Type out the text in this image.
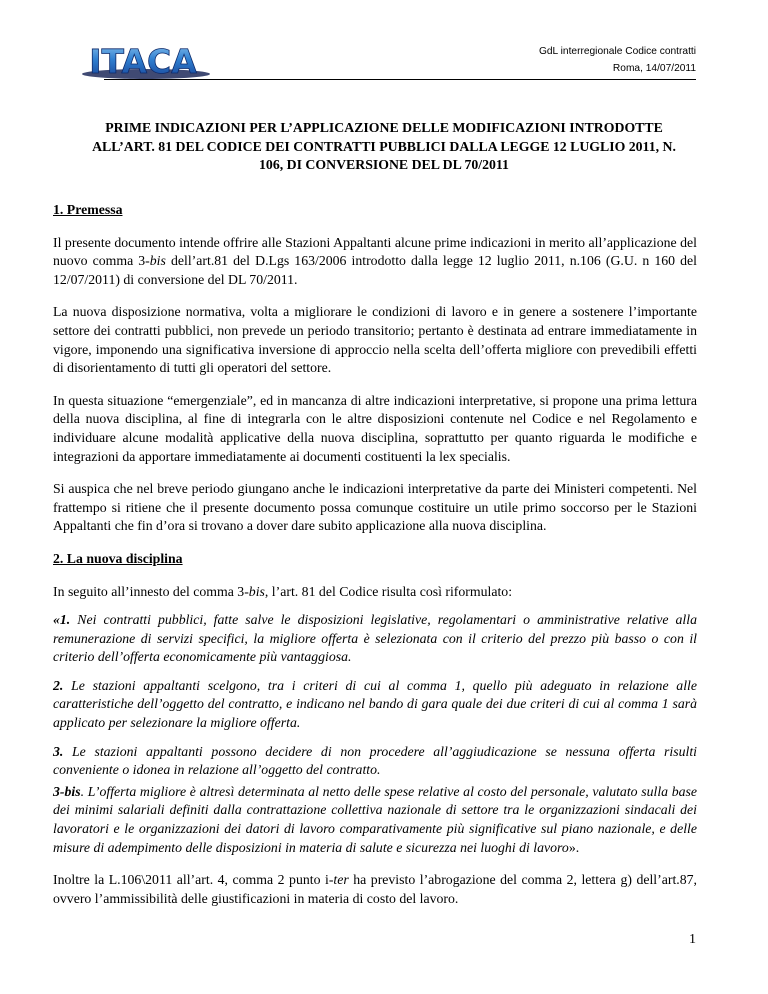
ITACA	GdL interregionale Codice contratti
Roma, 14/07/2011
PRIME INDICAZIONI PER L’APPLICAZIONE DELLE MODIFICAZIONI INTRODOTTE ALL’ART. 81 DEL CODICE DEI CONTRATTI PUBBLICI DALLA LEGGE 12 LUGLIO 2011, N. 106, DI CONVERSIONE DEL DL 70/2011

1. Premessa

Il presente documento intende offrire alle Stazioni Appaltanti alcune prime indicazioni in merito all’applicazione del nuovo comma 3-bis dell’art.81 del D.Lgs 163/2006 introdotto dalla legge 12 luglio 2011, n.106 (G.U. n 160 del 12/07/2011) di conversione del DL 70/2011.

La nuova disposizione normativa, volta a migliorare le condizioni di lavoro e in genere a sostenere l’importante settore dei contratti pubblici, non prevede un periodo transitorio; pertanto è destinata ad entrare immediatamente in vigore, imponendo una significativa inversione di approccio nella scelta dell’offerta migliore con prevedibili effetti di disorientamento di tutti gli operatori del settore.

In questa situazione “emergenziale”, ed in mancanza di altre indicazioni interpretative, si propone una prima lettura della nuova disciplina, al fine di integrarla con le altre disposizioni contenute nel Codice e nel Regolamento e individuare alcune modalità applicative della nuova disciplina, soprattutto per quanto riguarda le modifiche e integrazioni da apportare immediatamente ai documenti costituenti la lex specialis.

Si auspica che nel breve periodo giungano anche le indicazioni interpretative da parte dei Ministeri competenti. Nel frattempo si ritiene che il presente documento possa comunque costituire un utile primo soccorso per le Stazioni Appaltanti che fin d’ora si trovano a dover dare subito applicazione alla nuova disciplina.

2. La nuova disciplina

In seguito all’innesto del comma 3-bis, l’art. 81 del Codice risulta così riformulato:

«1. Nei contratti pubblici, fatte salve le disposizioni legislative, regolamentari o amministrative relative alla remunerazione di servizi specifici, la migliore offerta è selezionata con il criterio del prezzo più basso o con il criterio dell’offerta economicamente più vantaggiosa.

2. Le stazioni appaltanti scelgono, tra i criteri di cui al comma 1, quello più adeguato in relazione alle caratteristiche dell’oggetto del contratto, e indicano nel bando di gara quale dei due criteri di cui al comma 1 sarà applicato per selezionare la migliore offerta.

3. Le stazioni appaltanti possono decidere di non procedere all’aggiudicazione se nessuna offerta risulti conveniente o idonea in relazione all’oggetto del contratto.

3-bis. L’offerta migliore è altresì determinata al netto delle spese relative al costo del personale, valutato sulla base dei minimi salariali definiti dalla contrattazione collettiva nazionale di settore tra le organizzazioni sindacali dei lavoratori e le organizzazioni dei datori di lavoro comparativamente più significative sul piano nazionale, e delle misure di adempimento delle disposizioni in materia di salute e sicurezza nei luoghi di lavoro».

Inoltre la L.106\2011 all’art. 4, comma 2 punto i-ter ha previsto l’abrogazione del comma 2, lettera g) dell’art.87, ovvero l’ammissibilità delle giustificazioni in materia di costo del lavoro.

1
